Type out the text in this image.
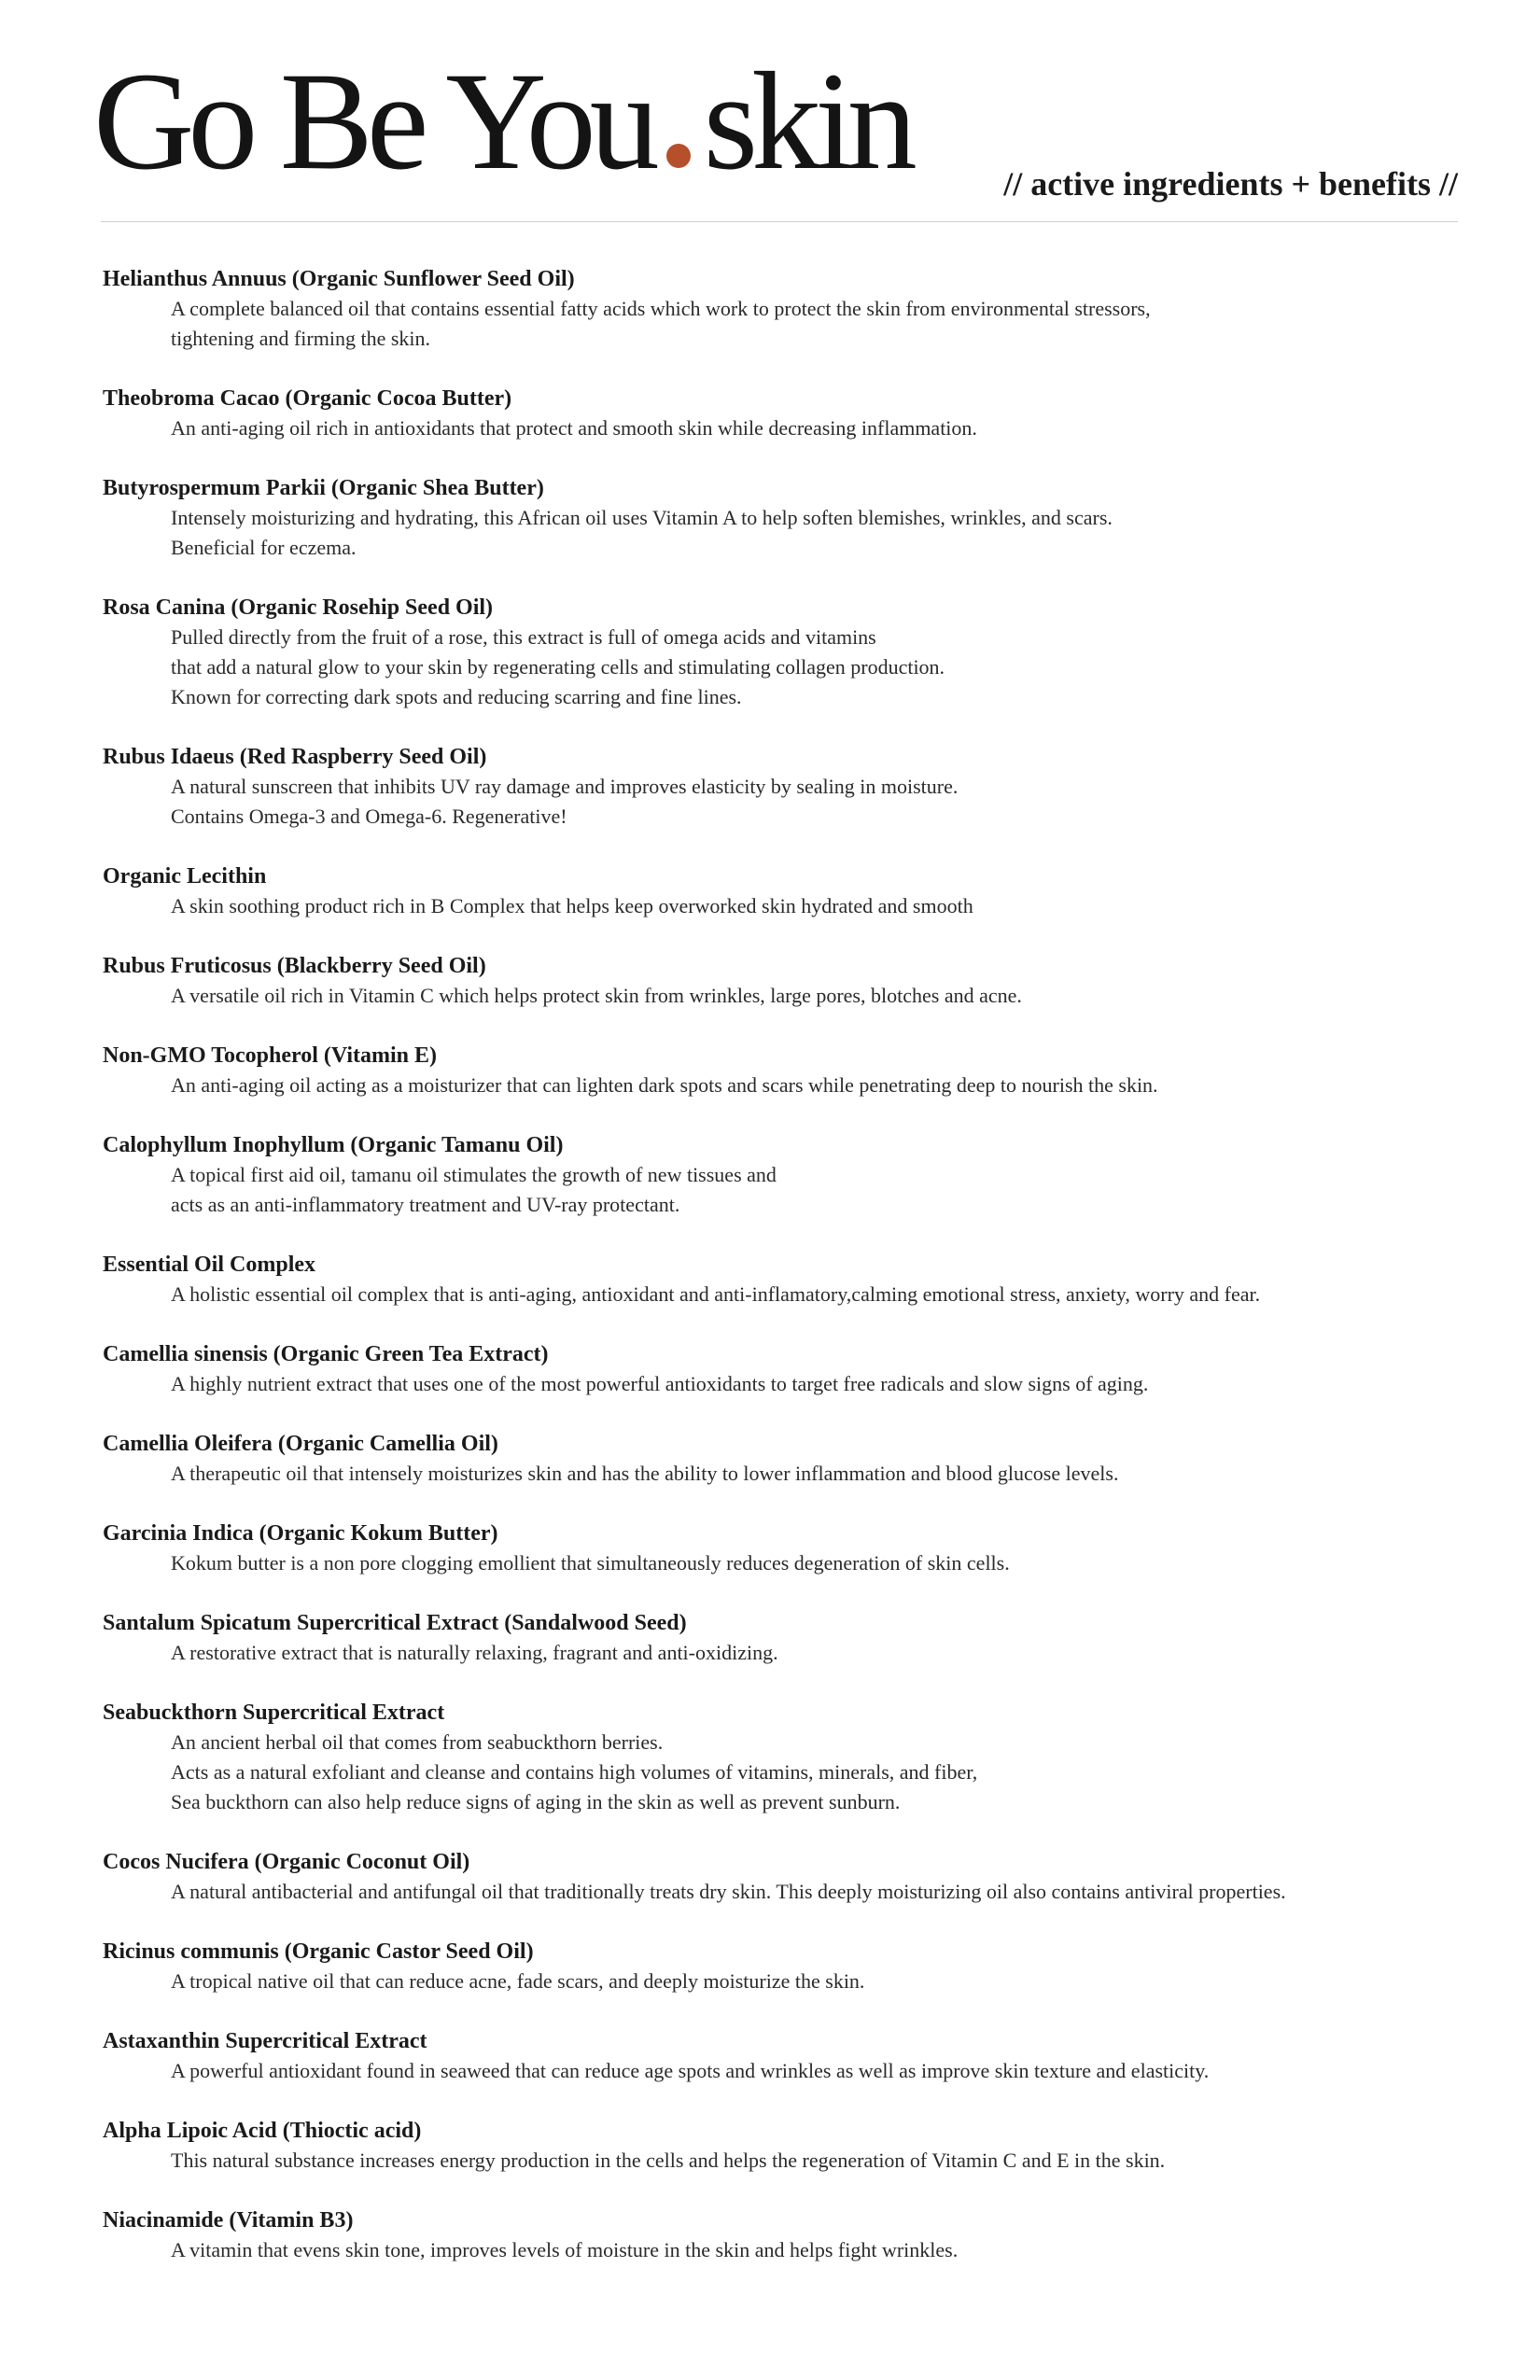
Go Be You skin	// active ingredients + benefits //
Helianthus Annuus (Organic Sunflower Seed Oil)
A complete balanced oil that contains essential fatty acids which work to protect the skin from environmental stressors,
tightening and firming the skin.
Theobroma Cacao (Organic Cocoa Butter)
An anti-aging oil rich in antioxidants that protect and smooth skin while decreasing inflammation.
Butyrospermum Parkii (Organic Shea Butter)
Intensely moisturizing and hydrating, this African oil uses Vitamin A to help soften blemishes, wrinkles, and scars.
Beneficial for eczema.
Rosa Canina (Organic Rosehip Seed Oil)
Pulled directly from the fruit of a rose, this extract is full of omega acids and vitamins
that add a natural glow to your skin by regenerating cells and stimulating collagen production.
Known for correcting dark spots and reducing scarring and fine lines.
Rubus Idaeus (Red Raspberry Seed Oil)
A natural sunscreen that inhibits UV ray damage and improves elasticity by sealing in moisture.
Contains Omega-3 and Omega-6. Regenerative!
Organic Lecithin
A skin soothing product rich in B Complex that helps keep overworked skin hydrated and smooth
Rubus Fruticosus (Blackberry Seed Oil)
A versatile oil rich in Vitamin C which helps protect skin from wrinkles, large pores, blotches and acne.
Non-GMO Tocopherol (Vitamin E)
An anti-aging oil acting as a moisturizer that can lighten dark spots and scars while penetrating deep to nourish the skin.
Calophyllum Inophyllum (Organic Tamanu Oil)
A topical first aid oil, tamanu oil stimulates the growth of new tissues and
acts as an anti-inflammatory treatment and UV-ray protectant.
Essential Oil Complex
A holistic essential oil complex that is anti-aging, antioxidant and anti-inflamatory,calming emotional stress, anxiety, worry and fear.
Camellia sinensis (Organic Green Tea Extract)
A highly nutrient extract that uses one of the most powerful antioxidants to target free radicals and slow signs of aging.
Camellia Oleifera (Organic Camellia Oil)
A therapeutic oil that intensely moisturizes skin and has the ability to lower inflammation and blood glucose levels.
Garcinia Indica (Organic Kokum Butter)
Kokum butter is a non pore clogging emollient that simultaneously reduces degeneration of skin cells.
Santalum Spicatum Supercritical Extract (Sandalwood Seed)
A restorative extract that is naturally relaxing, fragrant and anti-oxidizing.
Seabuckthorn Supercritical Extract
An ancient herbal oil that comes from seabuckthorn berries.
Acts as a natural exfoliant and cleanse and contains high volumes of vitamins, minerals, and fiber,
Sea buckthorn can also help reduce signs of aging in the skin as well as prevent sunburn.
Cocos Nucifera (Organic Coconut Oil)
A natural antibacterial and antifungal oil that traditionally treats dry skin. This deeply moisturizing oil also contains antiviral properties.
Ricinus communis (Organic Castor Seed Oil)
A tropical native oil that can reduce acne, fade scars, and deeply moisturize the skin.
Astaxanthin Supercritical Extract
A powerful antioxidant found in seaweed that can reduce age spots and wrinkles as well as improve skin texture and elasticity.
Alpha Lipoic Acid (Thioctic acid)
This natural substance increases energy production in the cells and helps the regeneration of Vitamin C and E in the skin.
Niacinamide (Vitamin B3)
A vitamin that evens skin tone, improves levels of moisture in the skin and helps fight wrinkles.
